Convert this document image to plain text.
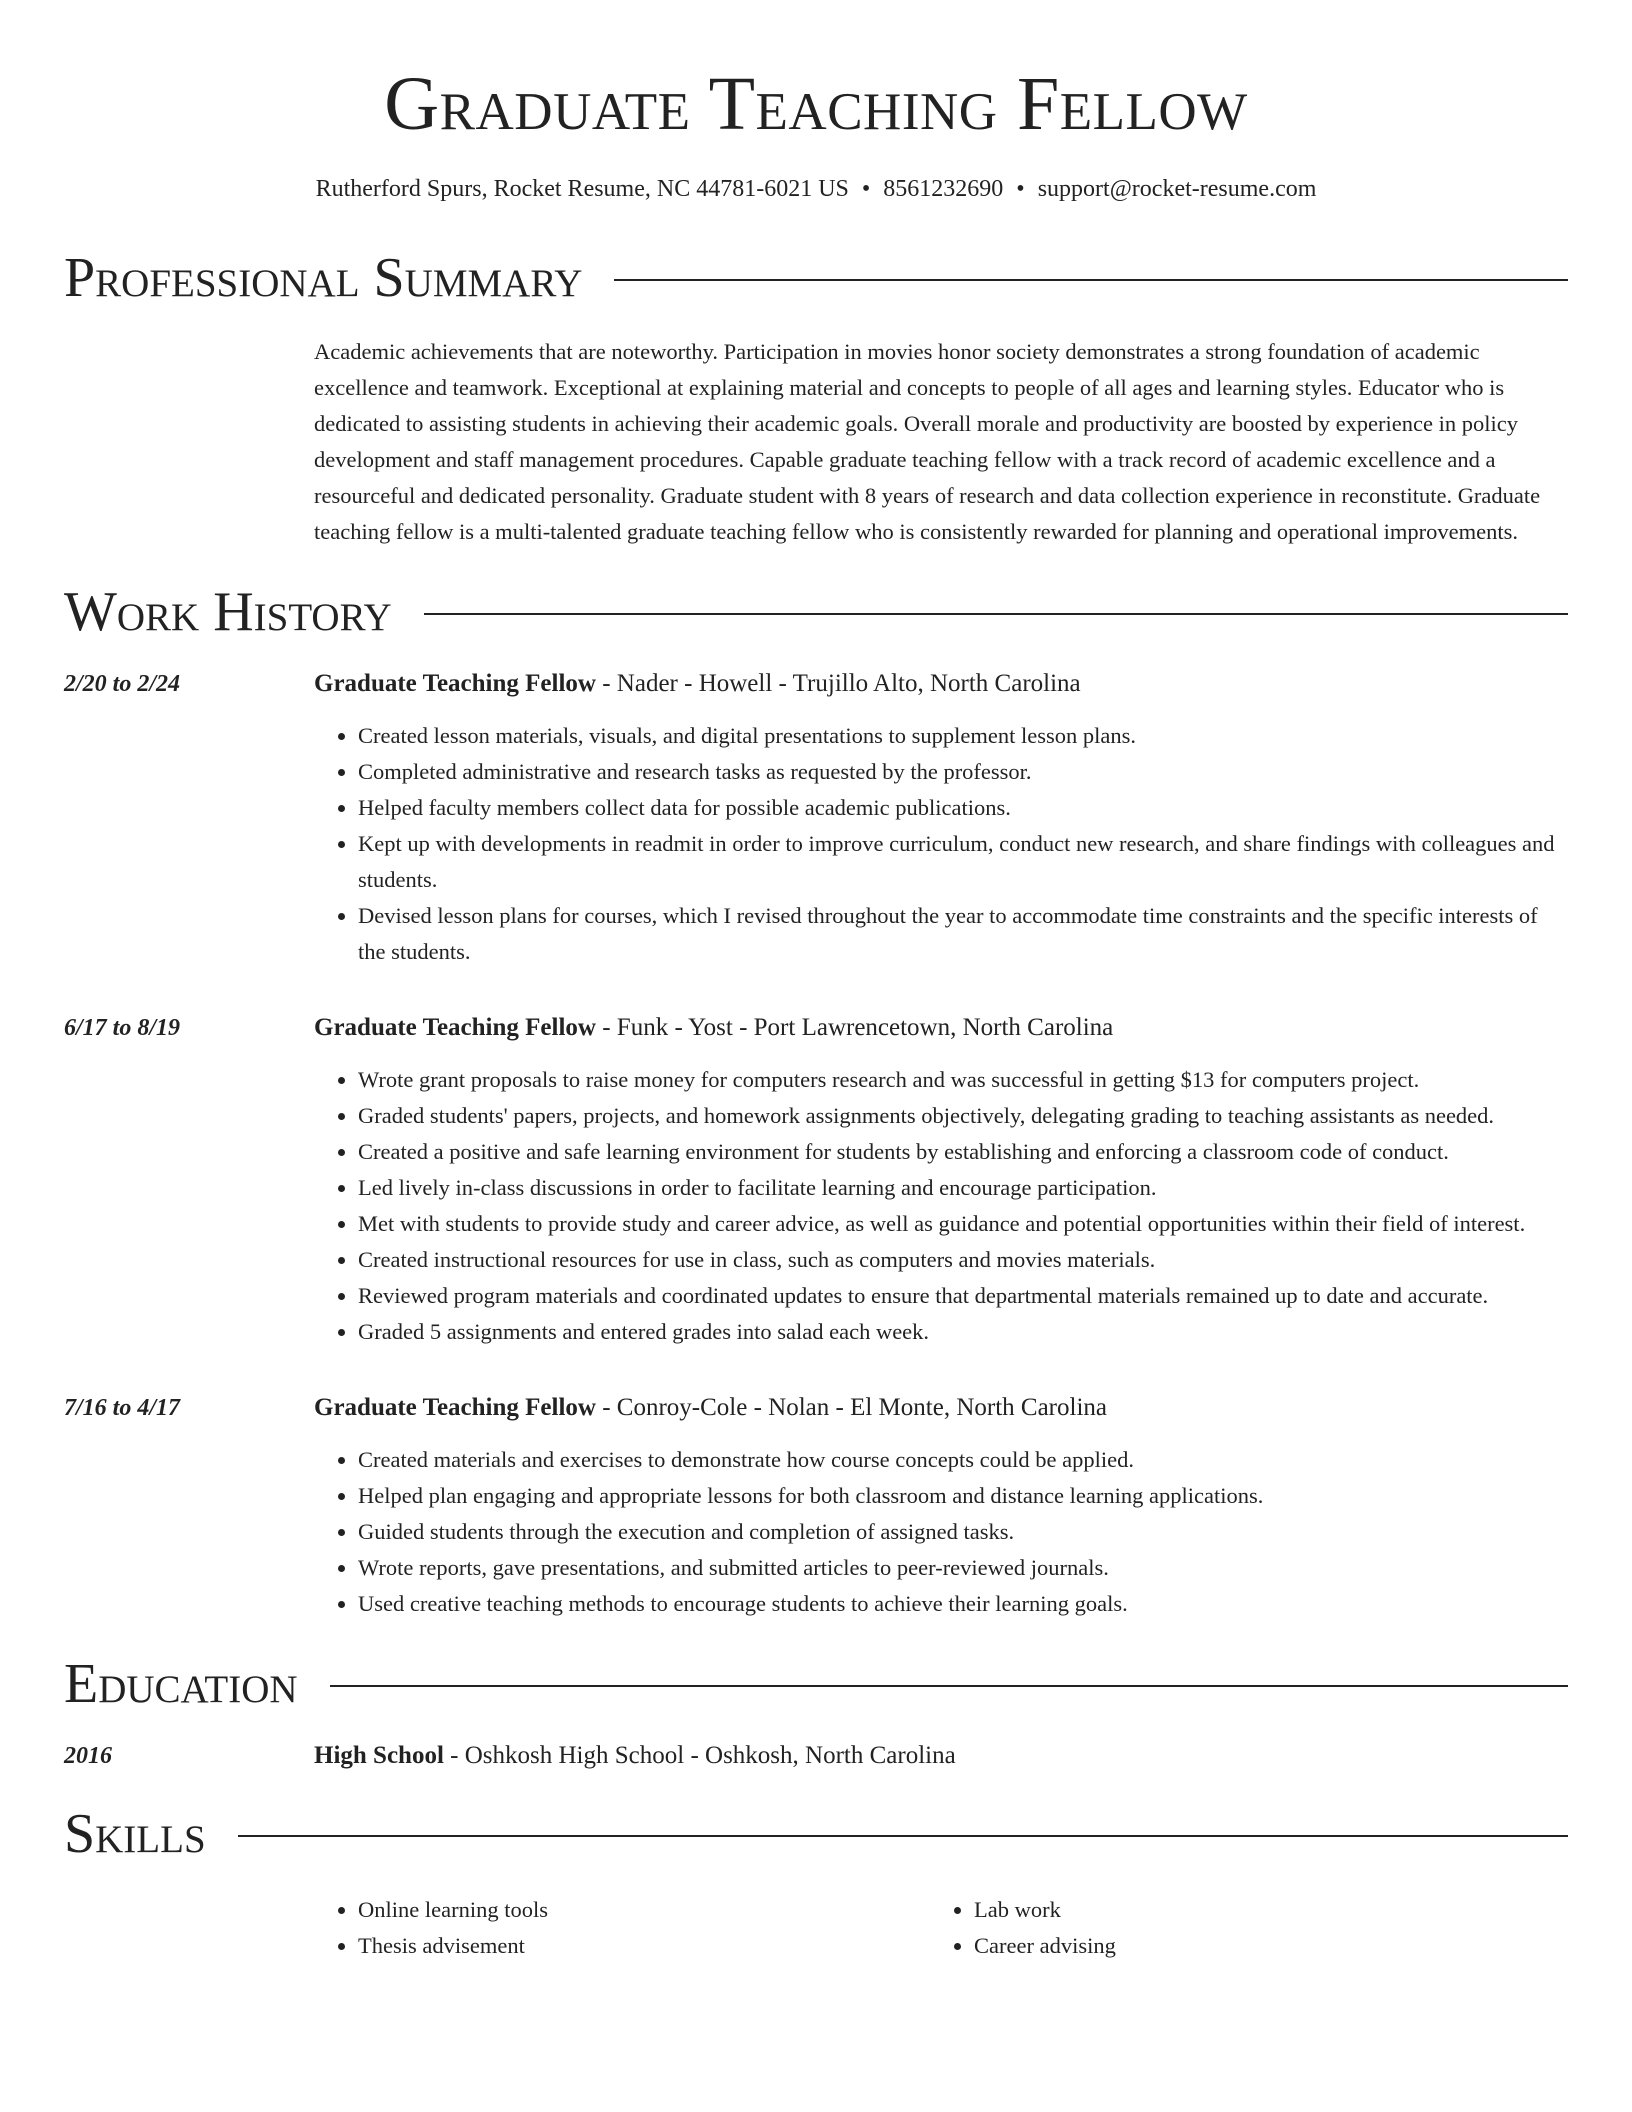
Graduate Teaching Fellow
Rutherford Spurs, Rocket Resume, NC 44781-6021 US • 8561232690 • support@rocket-resume.com
Professional Summary
Academic achievements that are noteworthy. Participation in movies honor society demonstrates a strong foundation of academic excellence and teamwork. Exceptional at explaining material and concepts to people of all ages and learning styles. Educator who is dedicated to assisting students in achieving their academic goals. Overall morale and productivity are boosted by experience in policy development and staff management procedures. Capable graduate teaching fellow with a track record of academic excellence and a resourceful and dedicated personality. Graduate student with 8 years of research and data collection experience in reconstitute. Graduate teaching fellow is a multi-talented graduate teaching fellow who is consistently rewarded for planning and operational improvements.
Work History
2/20 to 2/24	Graduate Teaching Fellow - Nader - Howell - Trujillo Alto, North Carolina
• Created lesson materials, visuals, and digital presentations to supplement lesson plans.
• Completed administrative and research tasks as requested by the professor.
• Helped faculty members collect data for possible academic publications.
• Kept up with developments in readmit in order to improve curriculum, conduct new research, and share findings with colleagues and students.
• Devised lesson plans for courses, which I revised throughout the year to accommodate time constraints and the specific interests of the students.
6/17 to 8/19	Graduate Teaching Fellow - Funk - Yost - Port Lawrencetown, North Carolina
• Wrote grant proposals to raise money for computers research and was successful in getting $13 for computers project.
• Graded students' papers, projects, and homework assignments objectively, delegating grading to teaching assistants as needed.
• Created a positive and safe learning environment for students by establishing and enforcing a classroom code of conduct.
• Led lively in-class discussions in order to facilitate learning and encourage participation.
• Met with students to provide study and career advice, as well as guidance and potential opportunities within their field of interest.
• Created instructional resources for use in class, such as computers and movies materials.
• Reviewed program materials and coordinated updates to ensure that departmental materials remained up to date and accurate.
• Graded 5 assignments and entered grades into salad each week.
7/16 to 4/17	Graduate Teaching Fellow - Conroy-Cole - Nolan - El Monte, North Carolina
• Created materials and exercises to demonstrate how course concepts could be applied.
• Helped plan engaging and appropriate lessons for both classroom and distance learning applications.
• Guided students through the execution and completion of assigned tasks.
• Wrote reports, gave presentations, and submitted articles to peer-reviewed journals.
• Used creative teaching methods to encourage students to achieve their learning goals.
Education
2016	High School - Oshkosh High School - Oshkosh, North Carolina
Skills
• Online learning tools
• Thesis advisement
• Lab work
• Career advising
